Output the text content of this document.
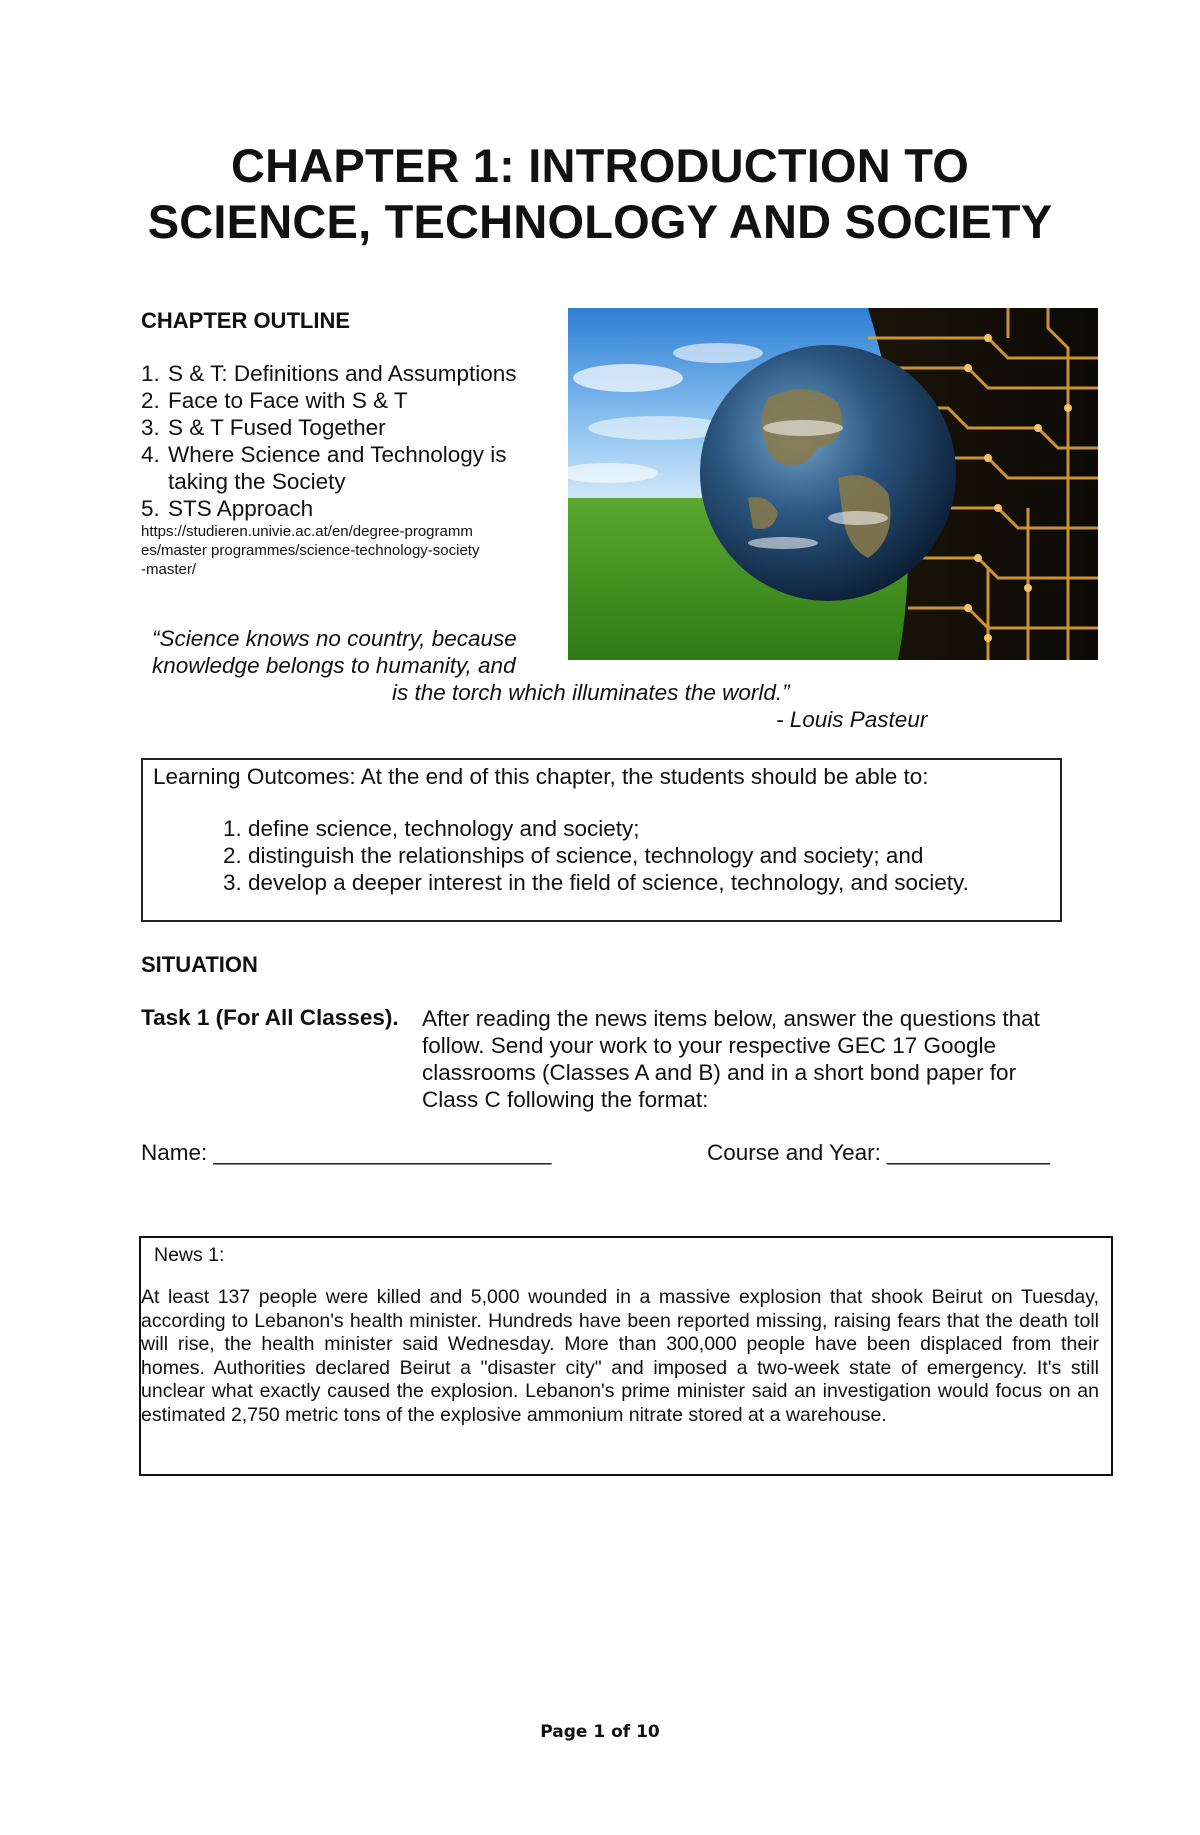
CHAPTER 1: INTRODUCTION TO
SCIENCE, TECHNOLOGY AND SOCIETY
CHAPTER OUTLINE
1. S & T: Definitions and Assumptions
2. Face to Face with S & T
3. S & T Fused Together
4. Where Science and Technology is taking the Society
5. STS Approach
https://studieren.univie.ac.at/en/degree-programmes/master programmes/science-technology-society-master/
“Science knows no country, because knowledge belongs to humanity, and
is the torch which illuminates the world.”
- Louis Pasteur
Learning Outcomes: At the end of this chapter, the students should be able to:
1. define science, technology and society;
2. distinguish the relationships of science, technology and society; and
3. develop a deeper interest in the field of science, technology, and society.
SITUATION
Task 1 (For All Classes). After reading the news items below, answer the questions that follow. Send your work to your respective GEC 17 Google classrooms (Classes A and B) and in a short bond paper for Class C following the format:
Name: ___________________________	Course and Year: _____________
News 1:
At least 137 people were killed and 5,000 wounded in a massive explosion that shook Beirut on Tuesday, according to Lebanon's health minister. Hundreds have been reported missing, raising fears that the death toll will rise, the health minister said Wednesday. More than 300,000 people have been displaced from their homes. Authorities declared Beirut a "disaster city" and imposed a two-week state of emergency. It's still unclear what exactly caused the explosion. Lebanon's prime minister said an investigation would focus on an estimated 2,750 metric tons of the explosive ammonium nitrate stored at a warehouse.
Page 1 of 10
